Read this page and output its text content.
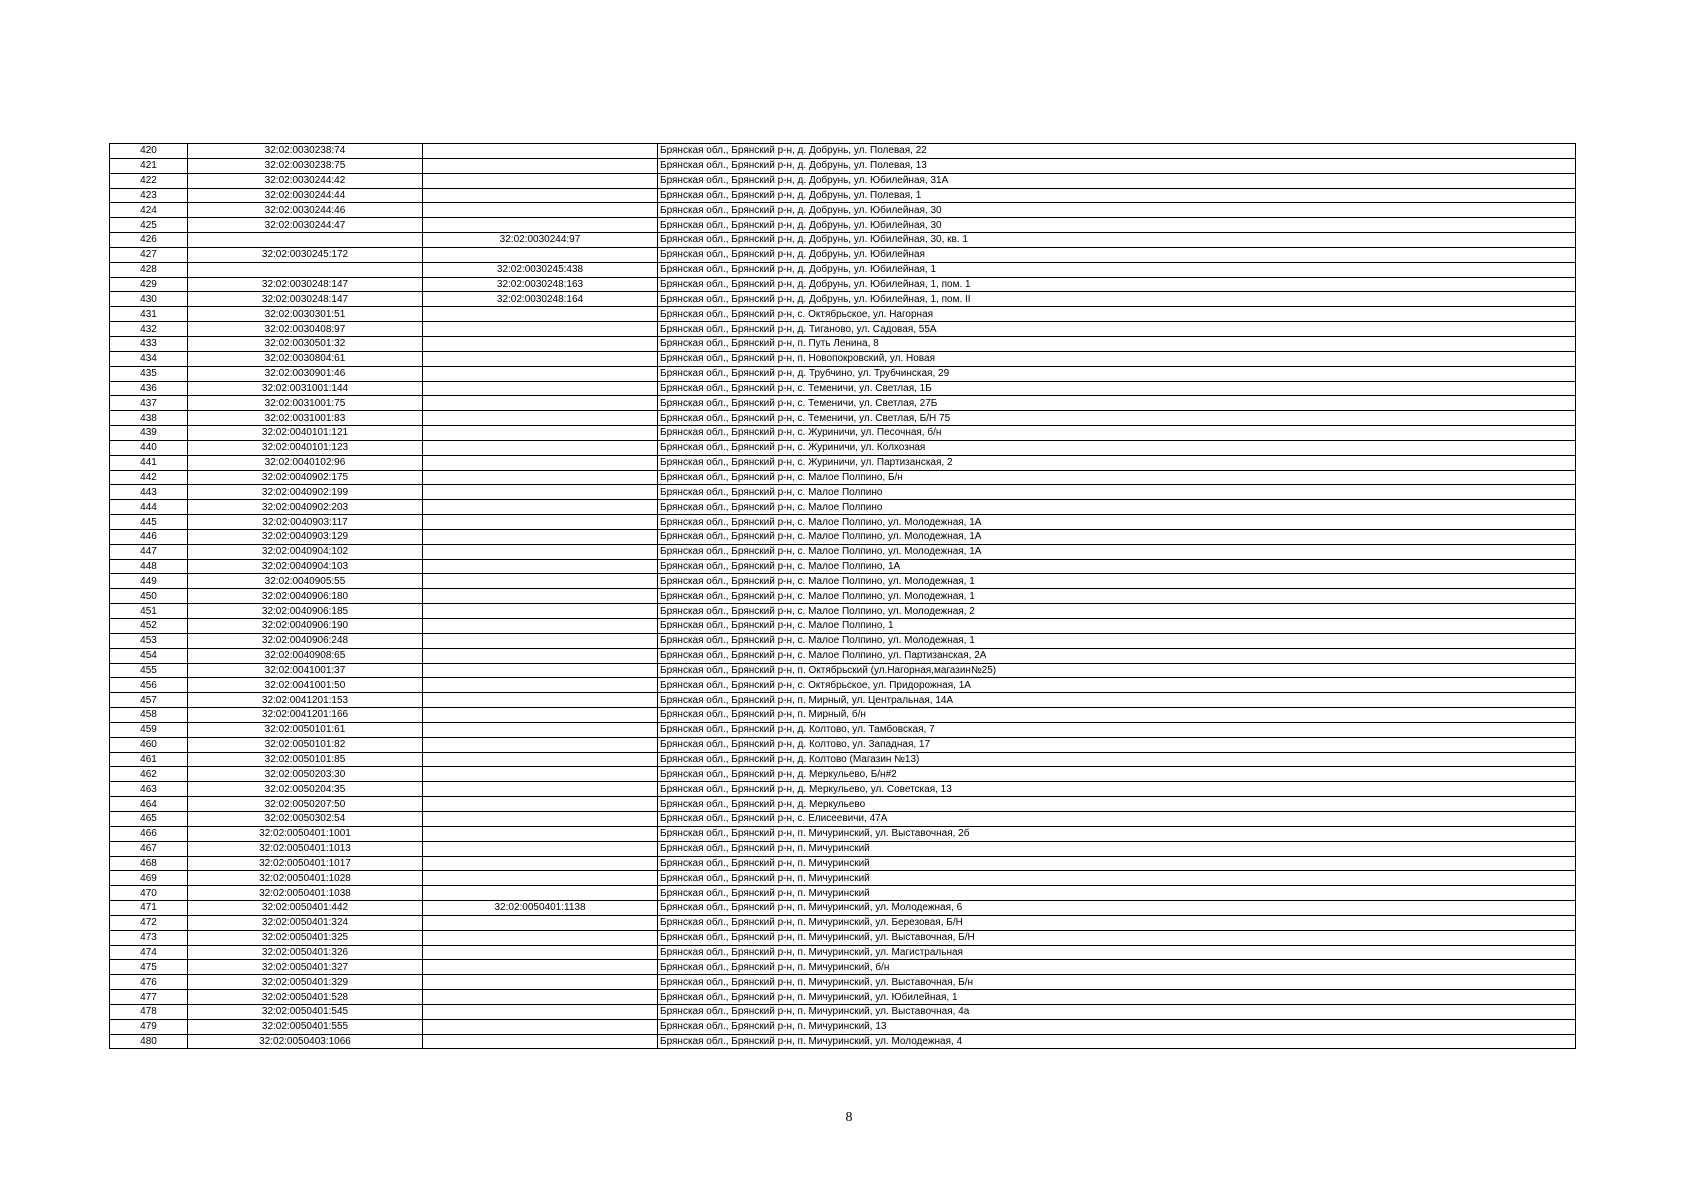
420	32:02:0030238:74		Брянская обл., Брянский р-н, д. Добрунь, ул. Полевая, 22
421	32:02:0030238:75		Брянская обл., Брянский р-н, д. Добрунь, ул. Полевая, 13
422	32:02:0030244:42		Брянская обл., Брянский р-н, д. Добрунь, ул. Юбилейная, 31А
423	32:02:0030244:44		Брянская обл., Брянский р-н, д. Добрунь, ул. Полевая, 1
424	32:02:0030244:46		Брянская обл., Брянский р-н, д. Добрунь, ул. Юбилейная, 30
425	32:02:0030244:47		Брянская обл., Брянский р-н, д. Добрунь, ул. Юбилейная, 30
426		32:02:0030244:97	Брянская обл., Брянский р-н, д. Добрунь, ул. Юбилейная, 30, кв. 1
427	32:02:0030245:172		Брянская обл., Брянский р-н, д. Добрунь, ул. Юбилейная
428		32:02:0030245:438	Брянская обл., Брянский р-н, д. Добрунь, ул. Юбилейная, 1
429	32:02:0030248:147	32:02:0030248:163	Брянская обл., Брянский р-н, д. Добрунь, ул. Юбилейная, 1, пом. 1
430	32:02:0030248:147	32:02:0030248:164	Брянская обл., Брянский р-н, д. Добрунь, ул. Юбилейная, 1, пом. II
431	32:02:0030301:51		Брянская обл., Брянский р-н, с. Октябрьское, ул. Нагорная
432	32:02:0030408:97		Брянская обл., Брянский р-н, д. Тиганово, ул. Садовая, 55А
433	32:02:0030501:32		Брянская обл., Брянский р-н, п. Путь Ленина, 8
434	32:02:0030804:61		Брянская обл., Брянский р-н, п. Новопокровский, ул. Новая
435	32:02:0030901:46		Брянская обл., Брянский р-н, д. Трубчино, ул. Трубчинская, 29
436	32:02:0031001:144		Брянская обл., Брянский р-н, с. Теменичи, ул. Светлая, 1Б
437	32:02:0031001:75		Брянская обл., Брянский р-н, с. Теменичи, ул. Светлая, 27Б
438	32:02:0031001:83		Брянская обл., Брянский р-н, с. Теменичи, ул. Светлая, Б/Н 75
439	32:02:0040101:121		Брянская обл., Брянский р-н, с. Журиничи, ул. Песочная, б/н
440	32:02:0040101:123		Брянская обл., Брянский р-н, с. Журиничи, ул. Колхозная
441	32:02:0040102:96		Брянская обл., Брянский р-н, с. Журиничи, ул. Партизанская, 2
442	32:02:0040902:175		Брянская обл., Брянский р-н, с. Малое Полпино, Б/н
443	32:02:0040902:199		Брянская обл., Брянский р-н, с. Малое Полпино
444	32:02:0040902:203		Брянская обл., Брянский р-н, с. Малое Полпино
445	32:02:0040903:117		Брянская обл., Брянский р-н, с. Малое Полпино, ул. Молодежная, 1А
446	32:02:0040903:129		Брянская обл., Брянский р-н, с. Малое Полпино, ул. Молодежная, 1А
447	32:02:0040904:102		Брянская обл., Брянский р-н, с. Малое Полпино, ул. Молодежная, 1А
448	32:02:0040904:103		Брянская обл., Брянский р-н, с. Малое Полпино, 1А
449	32:02:0040905:55		Брянская обл., Брянский р-н, с. Малое Полпино, ул. Молодежная, 1
450	32:02:0040906:180		Брянская обл., Брянский р-н, с. Малое Полпино, ул. Молодежная, 1
451	32:02:0040906:185		Брянская обл., Брянский р-н, с. Малое Полпино, ул. Молодежная, 2
452	32:02:0040906:190		Брянская обл., Брянский р-н, с. Малое Полпино, 1
453	32:02:0040906:248		Брянская обл., Брянский р-н, с. Малое Полпино, ул. Молодежная, 1
454	32:02:0040908:65		Брянская обл., Брянский р-н, с. Малое Полпино, ул. Партизанская, 2А
455	32:02:0041001:37		Брянская обл., Брянский р-н, п. Октябрьский (ул.Нагорная,магазин№25)
456	32:02:0041001:50		Брянская обл., Брянский р-н, с. Октябрьское, ул. Придорожная, 1А
457	32:02:0041201:153		Брянская обл., Брянский р-н, п. Мирный, ул. Центральная, 14А
458	32:02:0041201:166		Брянская обл., Брянский р-н, п. Мирный, б/н
459	32:02:0050101:61		Брянская обл., Брянский р-н, д. Колтово, ул. Тамбовская, 7
460	32:02:0050101:82		Брянская обл., Брянский р-н, д. Колтово, ул. Западная, 17
461	32:02:0050101:85		Брянская обл., Брянский р-н, д. Колтово (Магазин №13)
462	32:02:0050203:30		Брянская обл., Брянский р-н, д. Меркульево, Б/н#2
463	32:02:0050204:35		Брянская обл., Брянский р-н, д. Меркульево, ул. Советская, 13
464	32:02:0050207:50		Брянская обл., Брянский р-н, д. Меркульево
465	32:02:0050302:54		Брянская обл., Брянский р-н, с. Елисеевичи, 47А
466	32:02:0050401:1001		Брянская обл., Брянский р-н, п. Мичуринский, ул. Выставочная, 2б
467	32:02:0050401:1013		Брянская обл., Брянский р-н, п. Мичуринский
468	32:02:0050401:1017		Брянская обл., Брянский р-н, п. Мичуринский
469	32:02:0050401:1028		Брянская обл., Брянский р-н, п. Мичуринский
470	32:02:0050401:1038		Брянская обл., Брянский р-н, п. Мичуринский
471	32:02:0050401:442	32:02:0050401:1138	Брянская обл., Брянский р-н, п. Мичуринский, ул. Молодежная, 6
472	32:02:0050401:324		Брянская обл., Брянский р-н, п. Мичуринский, ул. Березовая, Б/Н
473	32:02:0050401:325		Брянская обл., Брянский р-н, п. Мичуринский, ул. Выставочная, Б/Н
474	32:02:0050401:326		Брянская обл., Брянский р-н, п. Мичуринский, ул. Магистральная
475	32:02:0050401:327		Брянская обл., Брянский р-н, п. Мичуринский, б/н
476	32:02:0050401:329		Брянская обл., Брянский р-н, п. Мичуринский, ул. Выставочная, Б/н
477	32:02:0050401:528		Брянская обл., Брянский р-н, п. Мичуринский, ул. Юбилейная, 1
478	32:02:0050401:545		Брянская обл., Брянский р-н, п. Мичуринский, ул. Выставочная, 4а
479	32:02:0050401:555		Брянская обл., Брянский р-н, п. Мичуринский, 13
480	32:02:0050403:1066		Брянская обл., Брянский р-н, п. Мичуринский, ул. Молодежная, 4
8
